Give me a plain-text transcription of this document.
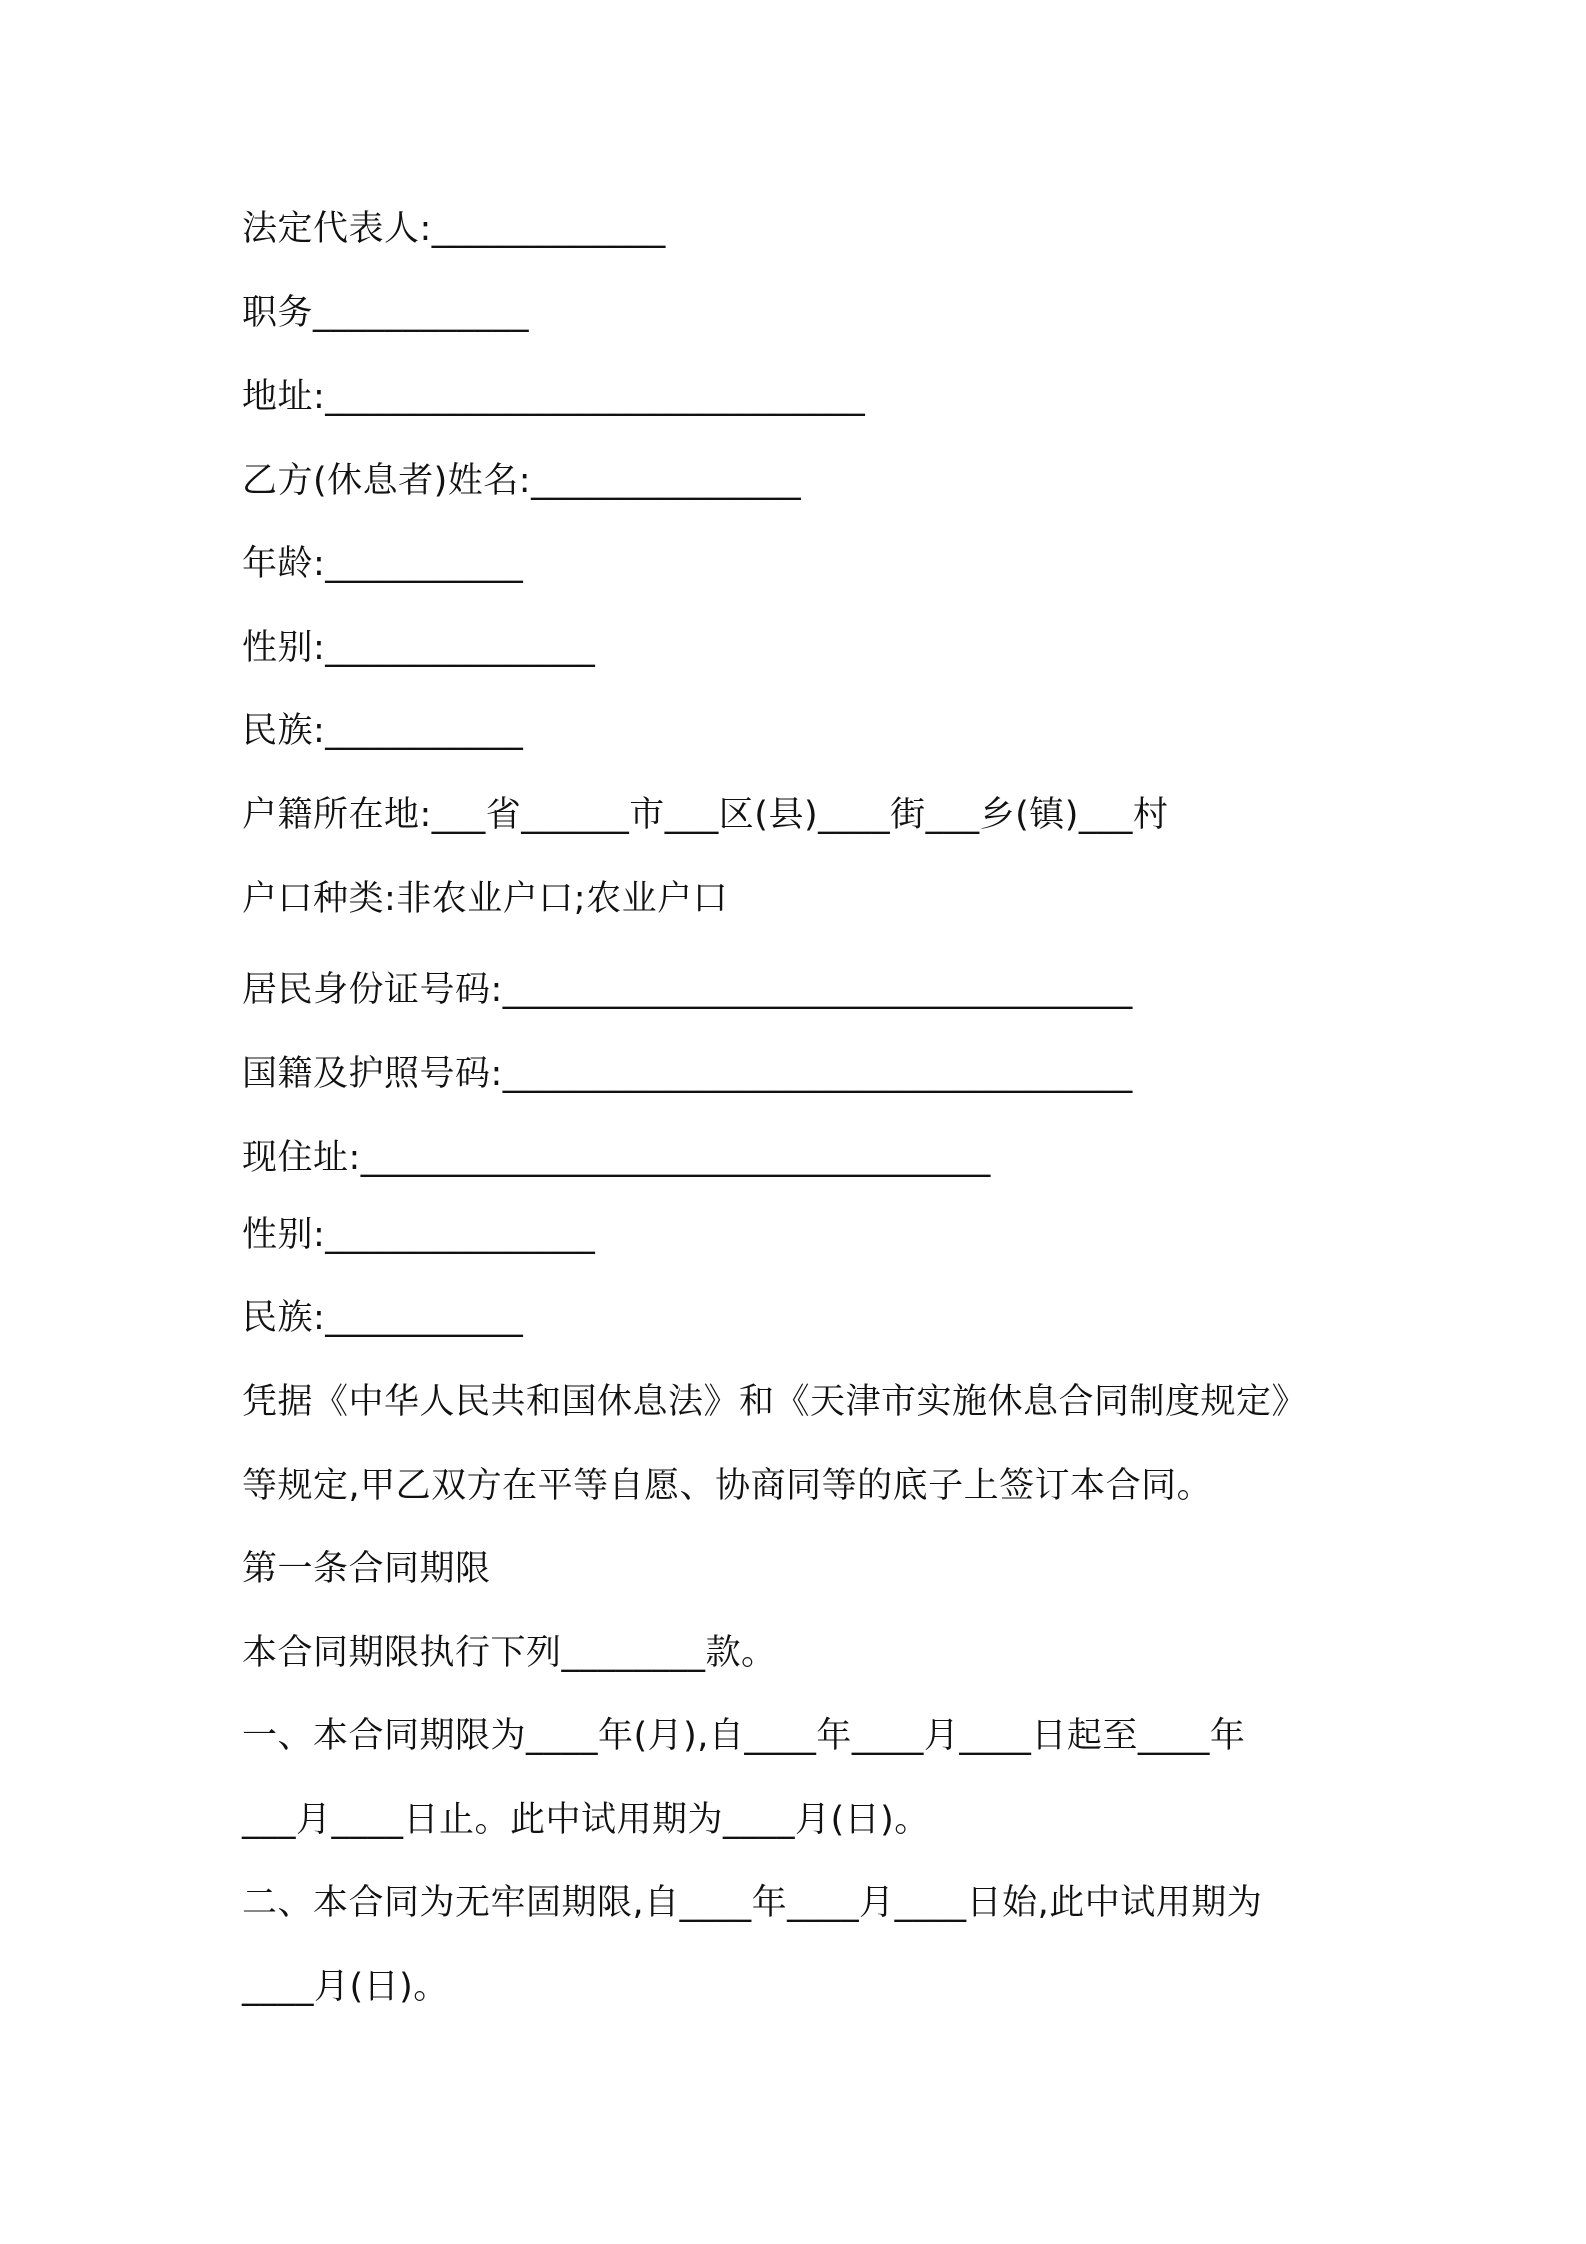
法定代表人:_____________
职务____________
地址:______________________________
乙方(休息者)姓名:_______________
年龄:___________
性别:_______________
民族:___________
户籍所在地:___省______市___区(县)____街___乡(镇)___村
户口种类:非农业户口;农业户口
居民身份证号码:___________________________________
国籍及护照号码:___________________________________
现住址:___________________________________
性别:_______________
民族:___________
凭据《中华人民共和国休息法》和《天津市实施休息合同制度规定》
等规定,甲乙双方在平等自愿、协商同等的底子上签订本合同。
第一条合同期限
本合同期限执行下列________款。
一、本合同期限为____年(月),自____年____月____日起至____年
___月____日止。此中试用期为____月(日)。
二、本合同为无牢固期限,自____年____月____日始,此中试用期为
____月(日)。
